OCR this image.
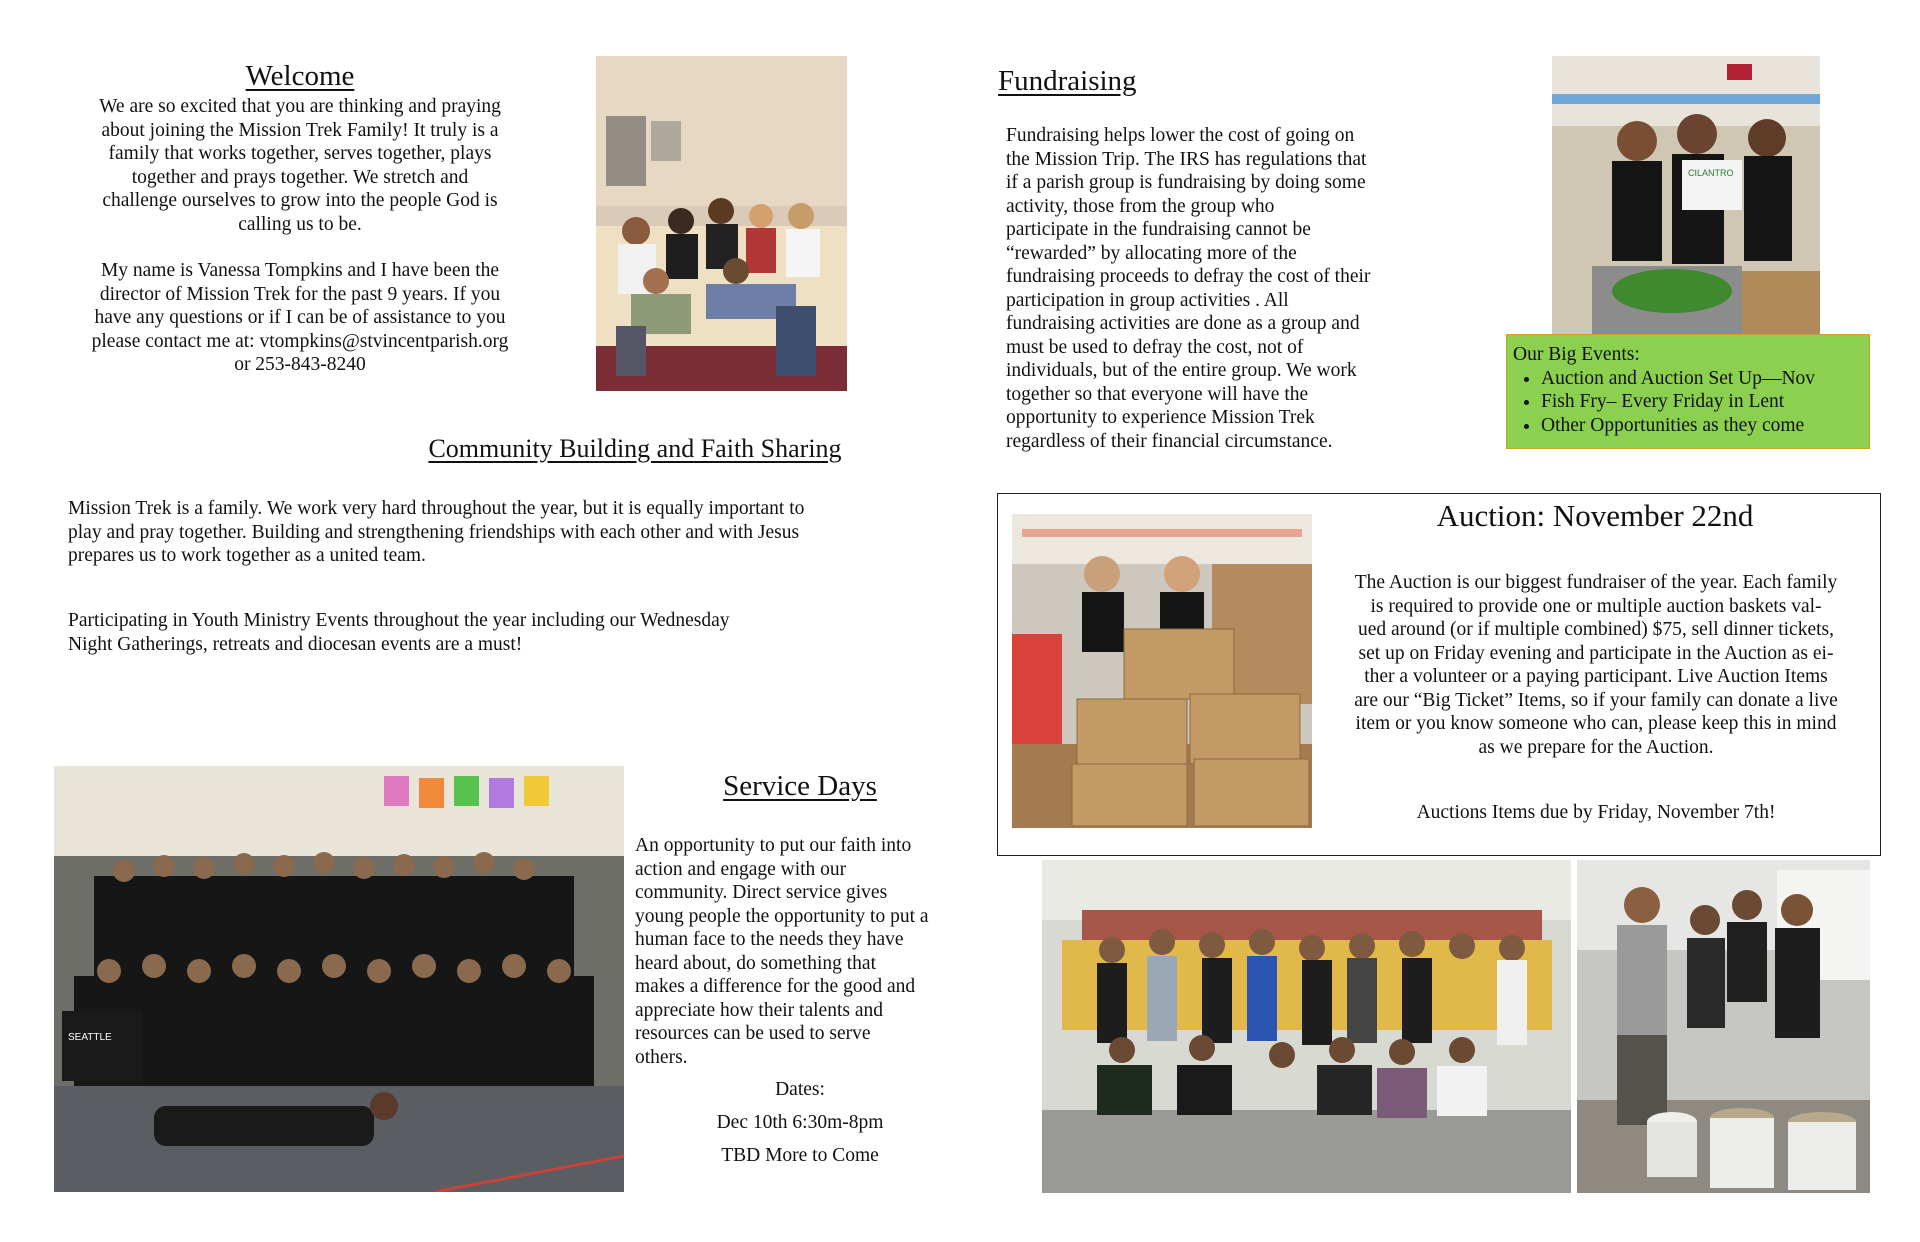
Welcome
We are so excited that you are thinking and praying
about joining the Mission Trek Family! It truly is a
family that works together, serves together, plays
together and prays together. We stretch and
challenge ourselves to grow into the people God is
calling us to be.
My name is Vanessa Tompkins and I have been the
director of Mission Trek for the past 9 years. If you
have any questions or if I can be of assistance to you
please contact me at: vtompkins@stvincentparish.org
or 253-843-8240
Community Building and Faith Sharing
Mission Trek is a family. We work very hard throughout the year, but it is equally important to
play and pray together. Building and strengthening friendships with each other and with Jesus
prepares us to work together as a united team.
Participating in Youth Ministry Events throughout the year including our Wednesday
Night Gatherings, retreats and diocesan events are a must!
SEATTLE
Service Days
An opportunity to put our faith into
action and engage with our
community. Direct service gives
young people the opportunity to put a
human face to the needs they have
heard about, do something that
makes a difference for the good and
appreciate how their talents and
resources can be used to serve
others.
Dates:
Dec 10th 6:30m-8pm
TBD More to Come
Fundraising
Fundraising helps lower the cost of going on
the Mission Trip. The IRS has regulations that
if a parish group is fundraising by doing some
activity, those from the group who
participate in the fundraising cannot be
“rewarded” by allocating more of the
fundraising proceeds to defray the cost of their
participation in group activities . All
fundraising activities are done as a group and
must be used to defray the cost, not of
individuals, but of the entire group. We work
together so that everyone will have the
opportunity to experience Mission Trek
regardless of their financial circumstance.
CILANTRO
Our Big Events:
• Auction and Auction Set Up—Nov
• Fish Fry– Every Friday in Lent
• Other Opportunities as they come
Auction: November 22nd
The Auction is our biggest fundraiser of the year. Each family
is required to provide one or multiple auction baskets val-
ued around (or if multiple combined) $75, sell dinner tickets,
set up on Friday evening and participate in the Auction as ei-
ther a volunteer or a paying participant. Live Auction Items
are our “Big Ticket” Items, so if your family can donate a live
item or you know someone who can, please keep this in mind
as we prepare for the Auction.
Auctions Items due by Friday, November 7th!
